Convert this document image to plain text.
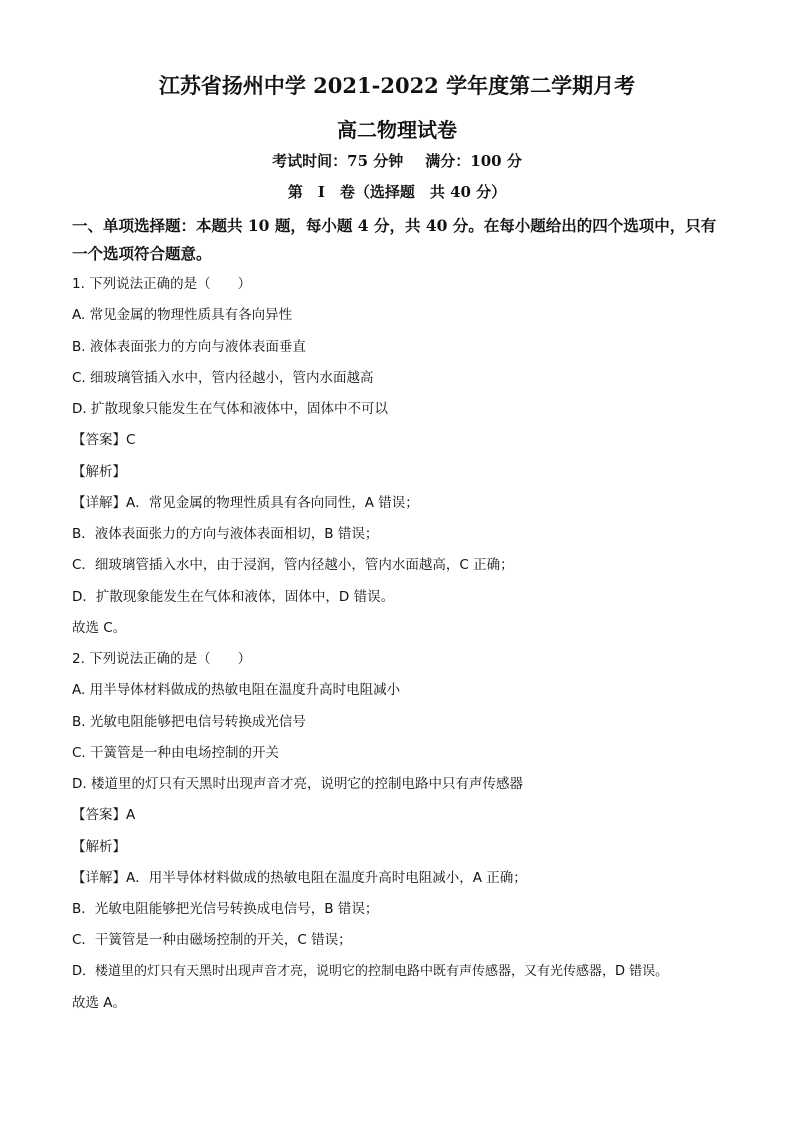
江苏省扬州中学 2021-2022 学年度第二学期月考
高二物理试卷
考试时间：75 分钟 满分：100 分
第　Ⅰ　卷（选择题　共 40 分）
一、单项选择题：本题共 10 题，每小题 4 分，共 40 分。在每小题给出的四个选项中，只有一个选项符合题意。
1. 下列说法正确的是（　　）
A. 常见金属的物理性质具有各向异性
B. 液体表面张力的方向与液体表面垂直
C. 细玻璃管插入水中，管内径越小，管内水面越高
D. 扩散现象只能发生在气体和液体中，固体中不可以
【答案】C
【解析】
【详解】A．常见金属的物理性质具有各向同性，A 错误；
B．液体表面张力的方向与液体表面相切，B 错误；
C．细玻璃管插入水中，由于浸润，管内径越小，管内水面越高，C 正确；
D．扩散现象能发生在气体和液体，固体中，D 错误。
故选 C。
2. 下列说法正确的是（　　）
A. 用半导体材料做成的热敏电阻在温度升高时电阻减小
B. 光敏电阻能够把电信号转换成光信号
C. 干簧管是一种由电场控制的开关
D. 楼道里的灯只有天黑时出现声音才亮，说明它的控制电路中只有声传感器
【答案】A
【解析】
【详解】A．用半导体材料做成的热敏电阻在温度升高时电阻减小，A 正确；
B．光敏电阻能够把光信号转换成电信号，B 错误；
C．干簧管是一种由磁场控制的开关，C 错误；
D．楼道里的灯只有天黑时出现声音才亮，说明它的控制电路中既有声传感器，又有光传感器，D 错误。
故选 A。
